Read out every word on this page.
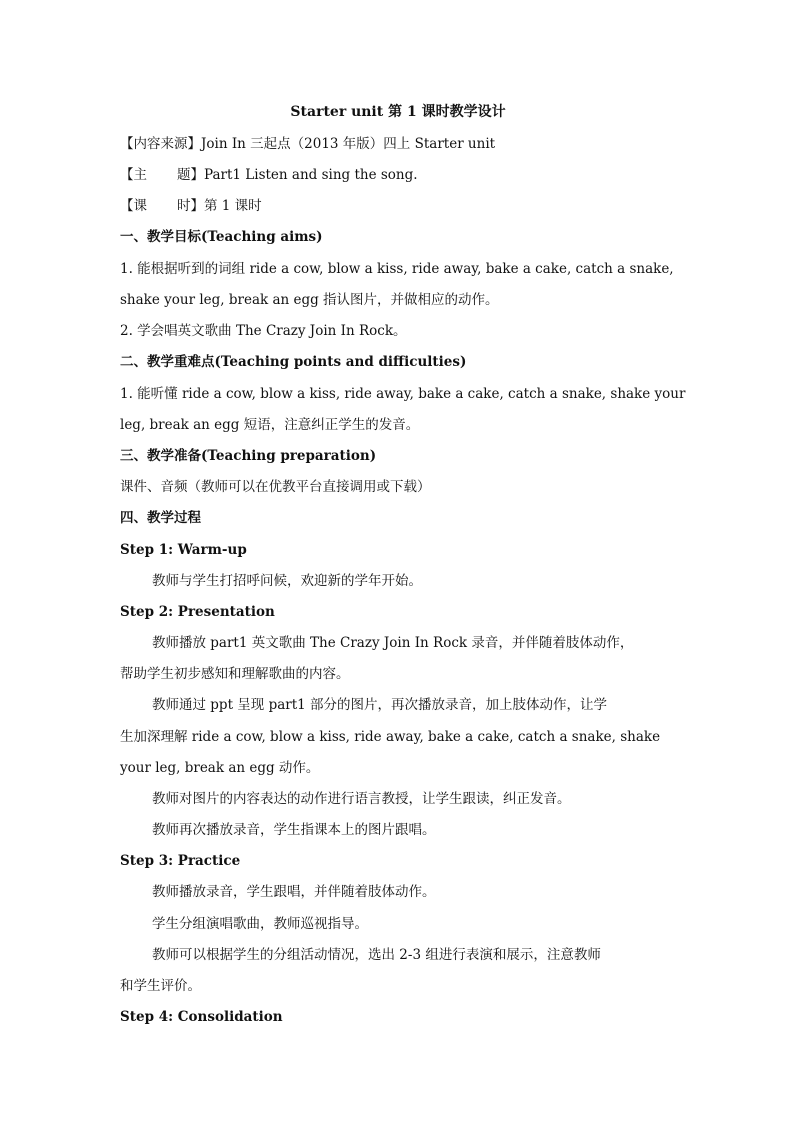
Starter unit 第 1 课时教学设计
【内容来源】Join In 三起点（2013 年版）四上 Starter unit
【主 题】Part1 Listen and sing the song.
【课 时】第 1 课时
一、教学目标(Teaching aims)
1. 能根据听到的词组 ride a cow, blow a kiss, ride away, bake a cake, catch a snake,
shake your leg, break an egg 指认图片，并做相应的动作。
2. 学会唱英文歌曲 The Crazy Join In Rock。
二、教学重难点(Teaching points and difficulties)
1. 能听懂 ride a cow, blow a kiss, ride away, bake a cake, catch a snake, shake your
leg, break an egg 短语，注意纠正学生的发音。
三、教学准备(Teaching preparation)
课件、音频（教师可以在优教平台直接调用或下载）
四、教学过程
Step 1: Warm-up
教师与学生打招呼问候，欢迎新的学年开始。
Step 2: Presentation
教师播放 part1 英文歌曲 The Crazy Join In Rock 录音，并伴随着肢体动作，
帮助学生初步感知和理解歌曲的内容。
教师通过 ppt 呈现 part1 部分的图片，再次播放录音，加上肢体动作，让学
生加深理解 ride a cow, blow a kiss, ride away, bake a cake, catch a snake, shake
your leg, break an egg 动作。
教师对图片的内容表达的动作进行语言教授，让学生跟读，纠正发音。
教师再次播放录音，学生指课本上的图片跟唱。
Step 3: Practice
教师播放录音，学生跟唱，并伴随着肢体动作。
学生分组演唱歌曲，教师巡视指导。
教师可以根据学生的分组活动情况，选出 2-3 组进行表演和展示，注意教师
和学生评价。
Step 4: Consolidation
